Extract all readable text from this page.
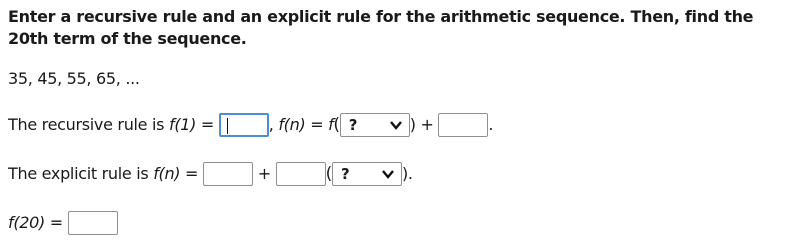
Enter a recursive rule and an explicit rule for the arithmetic sequence. Then, find the 20th term of the sequence.
35, 45, 55, 65, ...
The recursive rule is f(1) =	, f(n) = f ( ?	) +	.
The explicit rule is f(n) =	+	( ?	).
f(20) =
